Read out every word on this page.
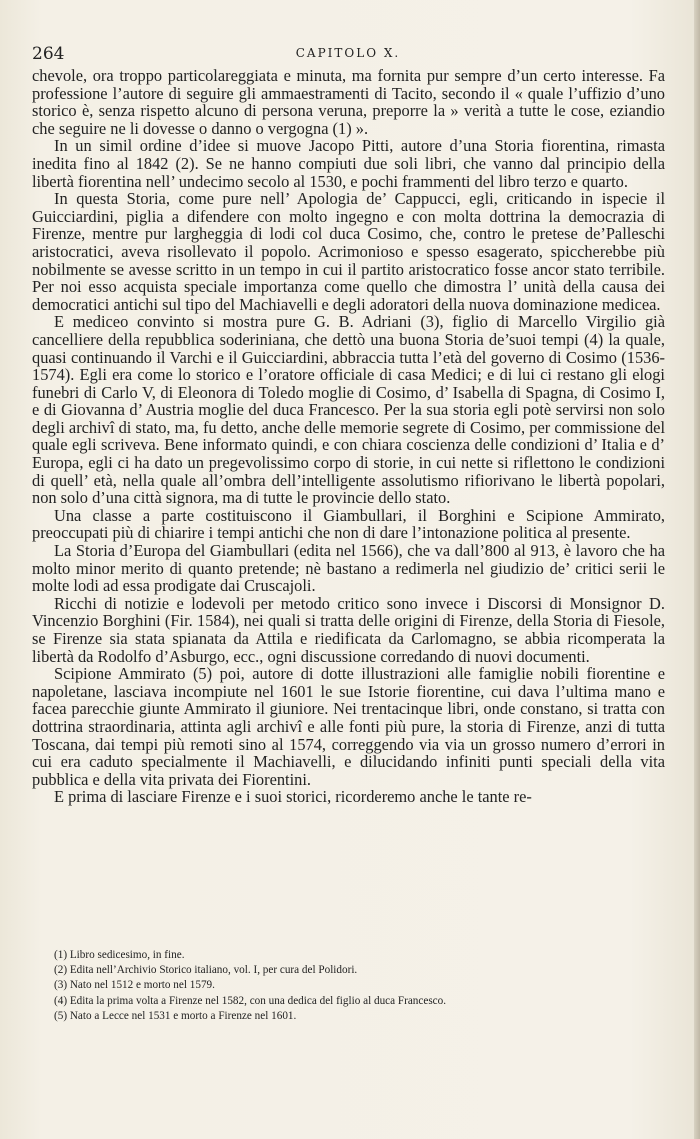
264	CAPITOLO X.

chevole, ora troppo particolareggiata e minuta, ma fornita pur sempre d’un certo interesse. Fa professione l’autore di seguire gli ammaestramenti di Tacito, secondo il « quale l’uffizio d’uno storico è, senza rispetto alcuno di persona veruna, preporre la » verità a tutte le cose, eziandio che seguire ne li dovesse o danno o vergogna (1) ».

In un simil ordine d’idee si muove Jacopo Pitti, autore d’una Storia fiorentina, rimasta inedita fino al 1842 (2). Se ne hanno compiuti due soli libri, che vanno dal principio della libertà fiorentina nell’ undecimo secolo al 1530, e pochi frammenti del libro terzo e quarto.

In questa Storia, come pure nell’ Apologia de’ Cappucci, egli, criticando in ispecie il Guicciardini, piglia a difendere con molto ingegno e con molta dottrina la democrazia di Firenze, mentre pur largheggia di lodi col duca Cosimo, che, contro le pretese de’Palleschi aristocratici, aveva risollevato il popolo. Acrimonioso e spesso esagerato, spiccherebbe più nobilmente se avesse scritto in un tempo in cui il partito aristocratico fosse ancor stato terribile. Per noi esso acquista speciale importanza come quello che dimostra l’ unità della causa dei democratici antichi sul tipo del Machiavelli e degli adoratori della nuova dominazione medicea.

E mediceo convinto si mostra pure G. B. Adriani (3), figlio di Marcello Virgilio già cancelliere della repubblica soderiniana, che dettò una buona Storia de’suoi tempi (4) la quale, quasi continuando il Varchi e il Guicciardini, abbraccia tutta l’età del governo di Cosimo (1536-1574). Egli era come lo storico e l’oratore officiale di casa Medici; e di lui ci restano gli elogi funebri di Carlo V, di Eleonora di Toledo moglie di Cosimo, d’ Isabella di Spagna, di Cosimo I, e di Giovanna d’ Austria moglie del duca Francesco. Per la sua storia egli potè servirsi non solo degli archivî di stato, ma, fu detto, anche delle memorie segrete di Cosimo, per commissione del quale egli scriveva. Bene informato quindi, e con chiara coscienza delle condizioni d’ Italia e d’ Europa, egli ci ha dato un pregevolissimo corpo di storie, in cui nette si riflettono le condizioni di quell’ età, nella quale all’ombra dell’intelligente assolutismo rifiorivano le libertà popolari, non solo d’una città signora, ma di tutte le provincie dello stato.

Una classe a parte costituiscono il Giambullari, il Borghini e Scipione Ammirato, preoccupati più di chiarire i tempi antichi che non di dare l’intonazione politica al presente.

La Storia d’Europa del Giambullari (edita nel 1566), che va dall’800 al 913, è lavoro che ha molto minor merito di quanto pretende; nè bastano a redimerla nel giudizio de’ critici serii le molte lodi ad essa prodigate dai Cruscajoli.

Ricchi di notizie e lodevoli per metodo critico sono invece i Discorsi di Monsignor D. Vincenzio Borghini (Fir. 1584), nei quali si tratta delle origini di Firenze, della Storia di Fiesole, se Firenze sia stata spianata da Attila e riedificata da Carlomagno, se abbia ricomperata la libertà da Rodolfo d’Asburgo, ecc., ogni discussione corredando di nuovi documenti.

Scipione Ammirato (5) poi, autore di dotte illustrazioni alle famiglie nobili fiorentine e napoletane, lasciava incompiute nel 1601 le sue Istorie fiorentine, cui dava l’ultima mano e facea parecchie giunte Ammirato il giuniore. Nei trentacinque libri, onde constano, si tratta con dottrina straordinaria, attinta agli archivî e alle fonti più pure, la storia di Firenze, anzi di tutta Toscana, dai tempi più remoti sino al 1574, correggendo via via un grosso numero d’errori in cui era caduto specialmente il Machiavelli, e dilucidando infiniti punti speciali della vita pubblica e della vita privata dei Fiorentini.

E prima di lasciare Firenze e i suoi storici, ricorderemo anche le tante re-

(1) Libro sedicesimo, in fine.

(2) Edita nell’Archivio Storico italiano, vol. I, per cura del Polidori.

(3) Nato nel 1512 e morto nel 1579.

(4) Edita la prima volta a Firenze nel 1582, con una dedica del figlio al duca Francesco.

(5) Nato a Lecce nel 1531 e morto a Firenze nel 1601.
